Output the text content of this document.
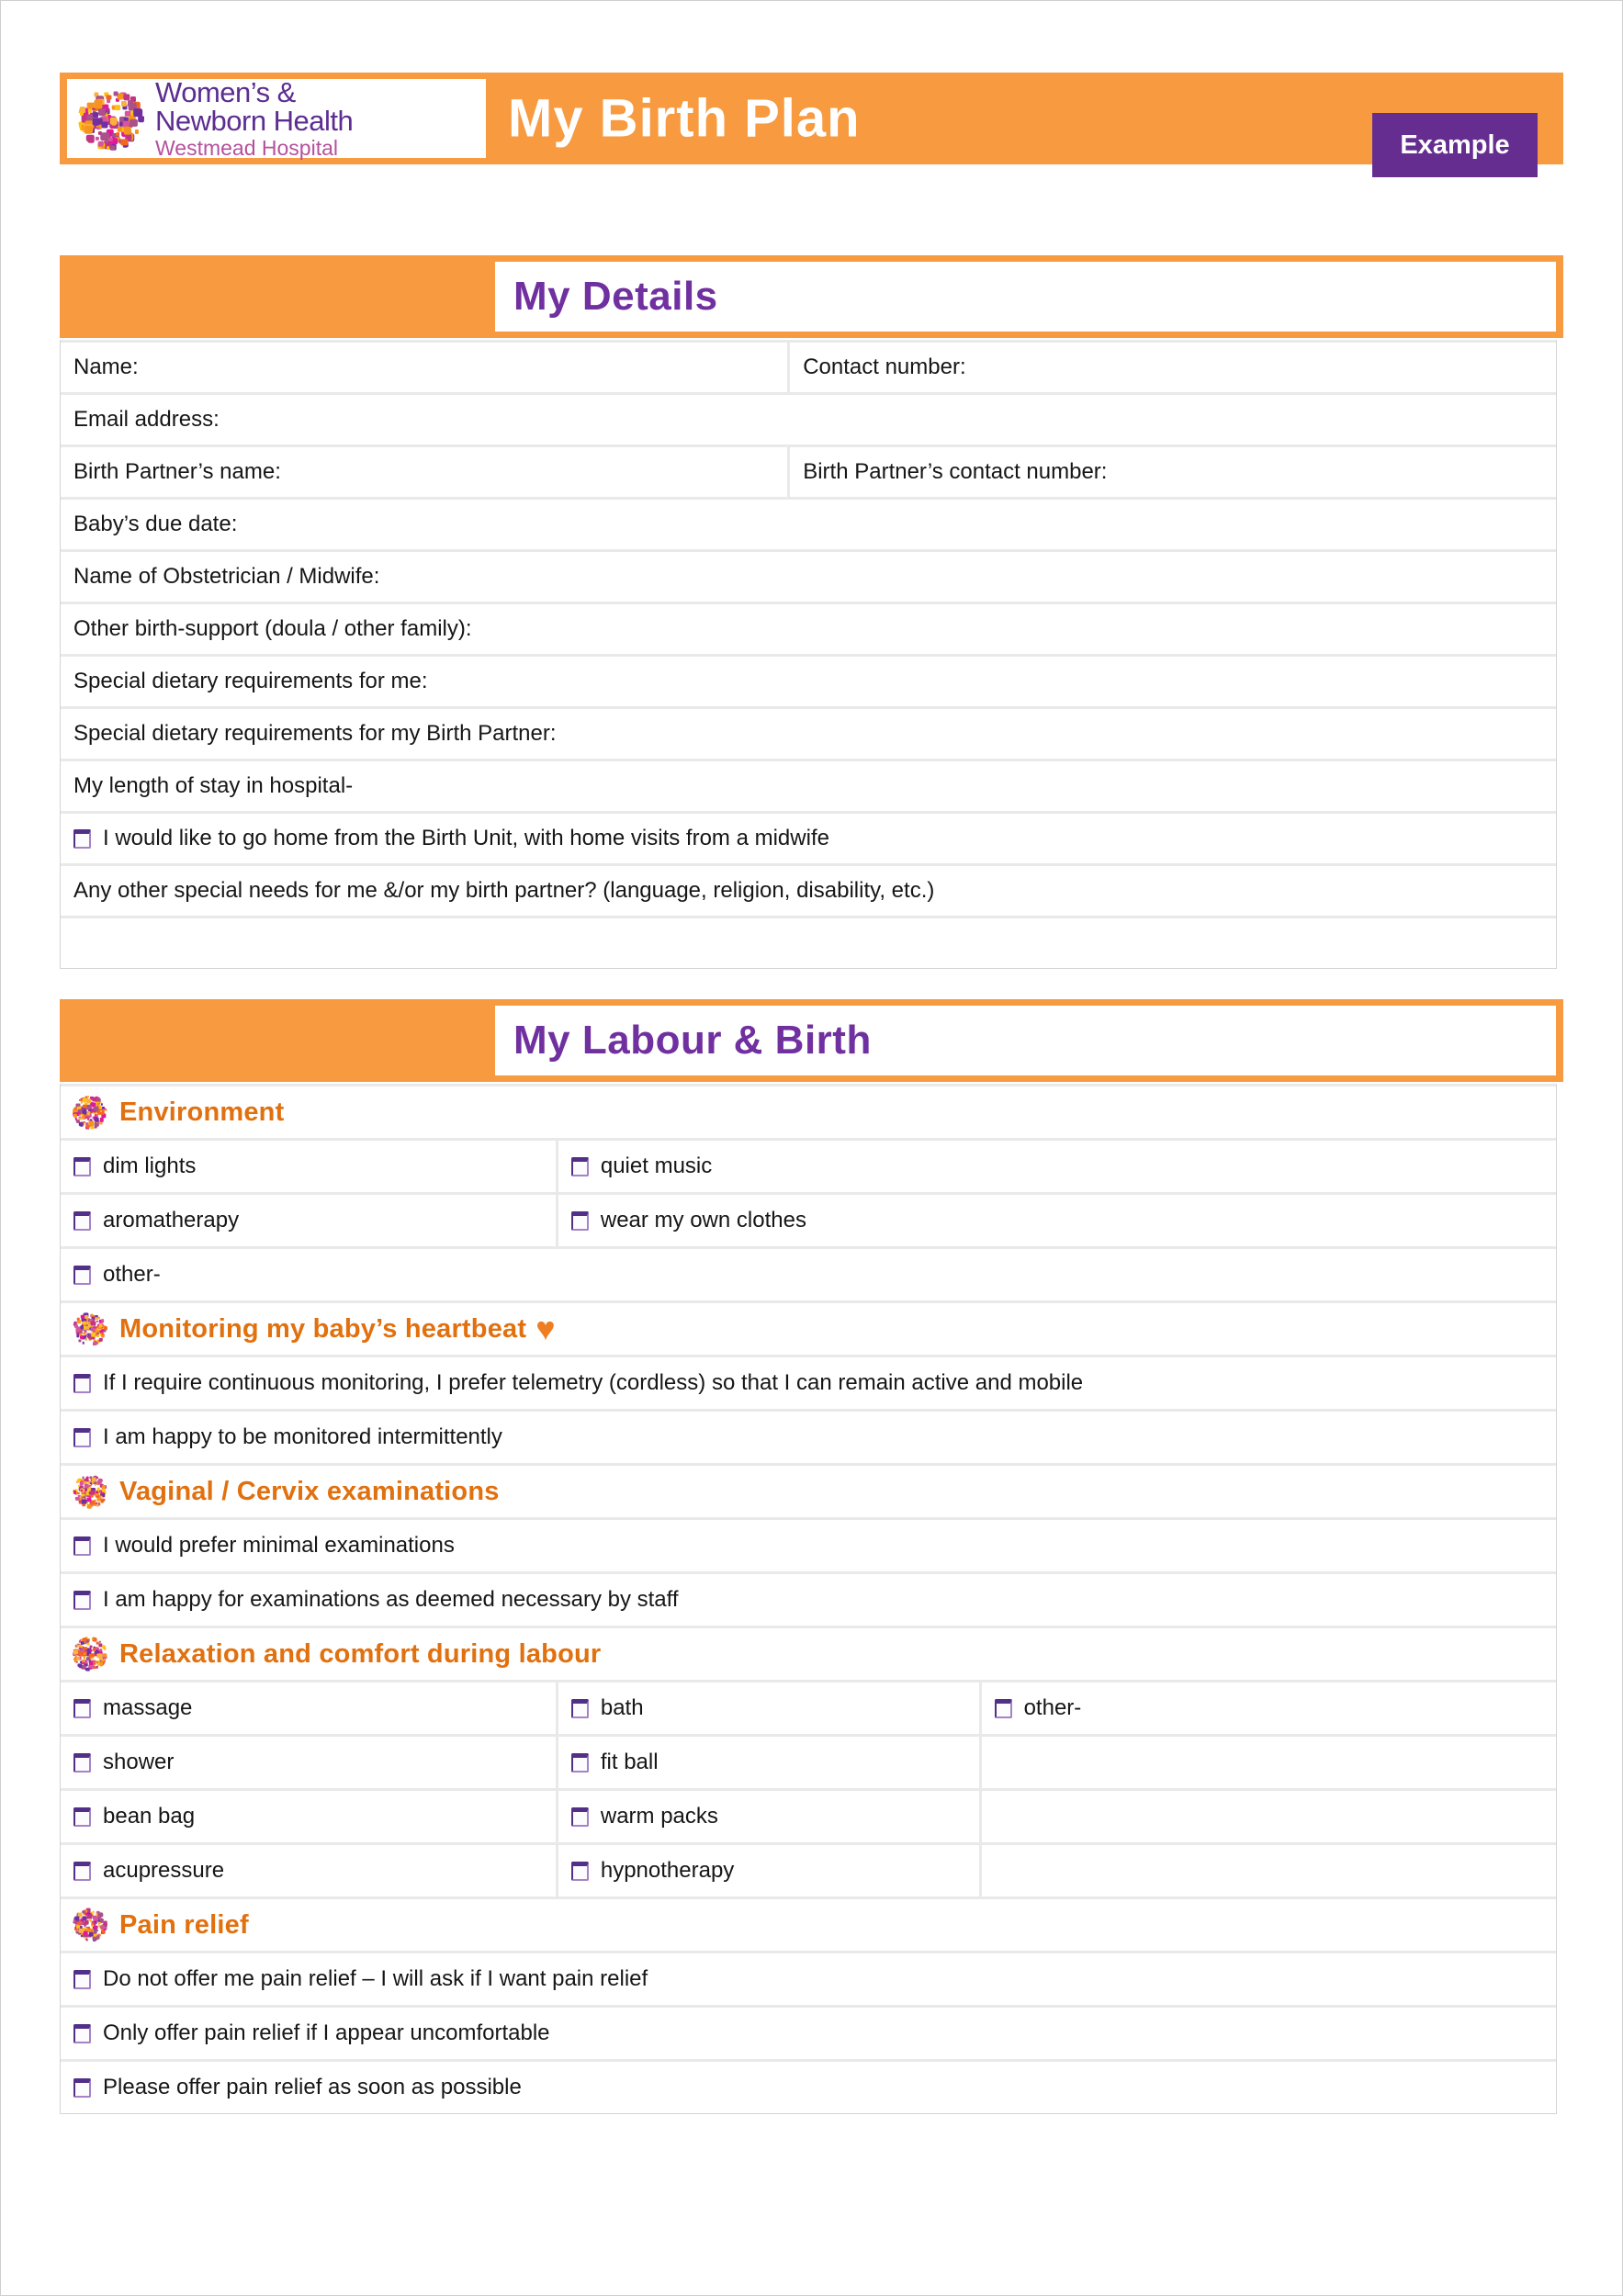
Women’s &
Newborn Health
Westmead Hospital	My Birth Plan	Example
My Details
Name:	Contact number:
Email address:
Birth Partner’s name:	Birth Partner’s contact number:
Baby’s due date:
Name of Obstetrician / Midwife:
Other birth-support (doula / other family):
Special dietary requirements for me:
Special dietary requirements for my Birth Partner:
My length of stay in hospital-
I would like to go home from the Birth Unit, with home visits from a midwife
Any other special needs for me &/or my birth partner? (language, religion, disability, etc.)
My Labour & Birth
Environment
dim lights	quiet music
aromatherapy	wear my own clothes
other-
Monitoring my baby’s heartbeat ♥
If I require continuous monitoring, I prefer telemetry (cordless) so that I can remain active and mobile
I am happy to be monitored intermittently
Vaginal / Cervix examinations
I would prefer minimal examinations
I am happy for examinations as deemed necessary by staff
Relaxation and comfort during labour
massage	bath	other-
shower	fit ball
bean bag	warm packs
acupressure	hypnotherapy
Pain relief
Do not offer me pain relief – I will ask if I want pain relief
Only offer pain relief if I appear uncomfortable
Please offer pain relief as soon as possible
